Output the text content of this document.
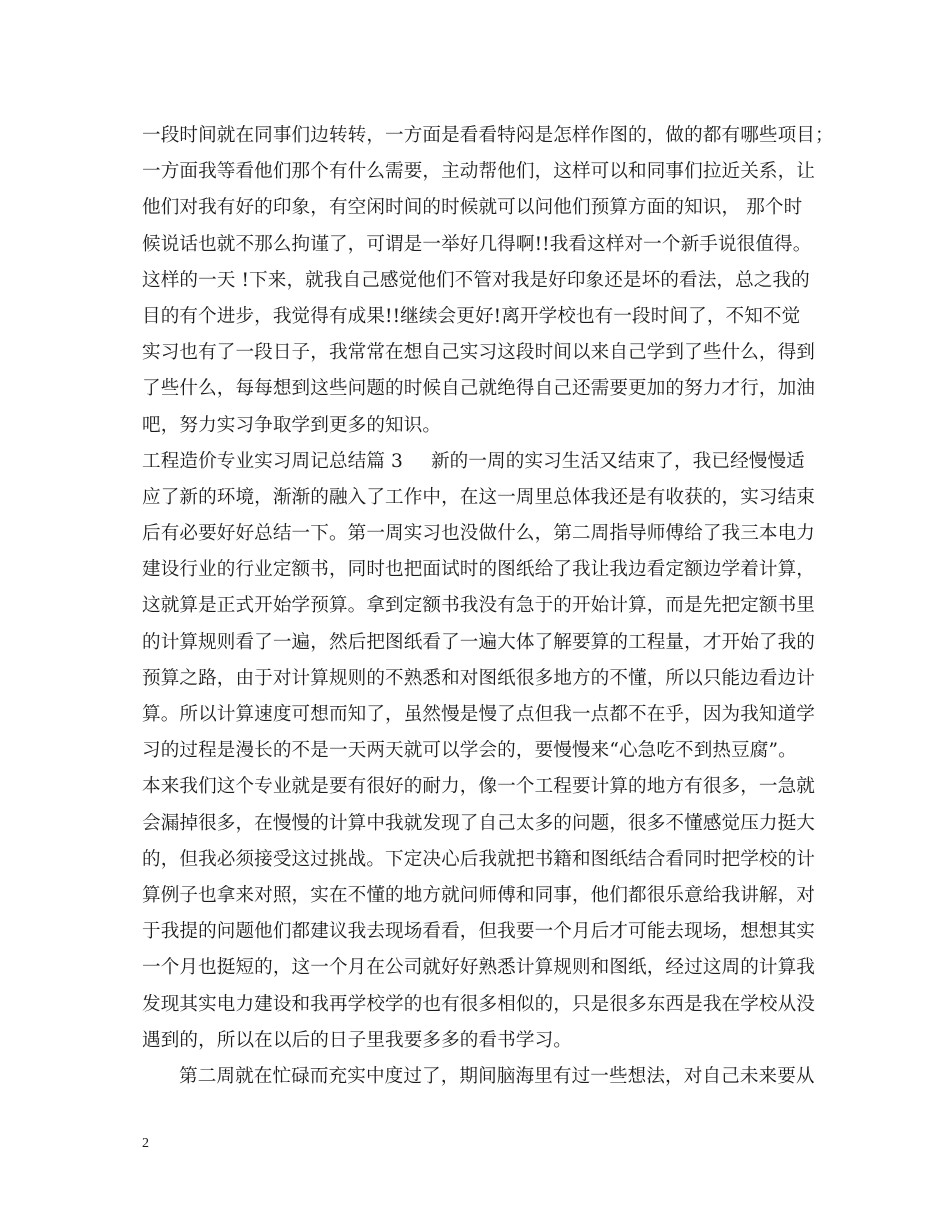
一段时间就在同事们边转转，一方面是看看特闷是怎样作图的，做的都有哪些项目；
一方面我等看他们那个有什么需要，主动帮他们，这样可以和同事们拉近关系，让
他们对我有好的印象，有空闲时间的时候就可以问他们预算方面的知识， 那个时
候说话也就不那么拘谨了，可谓是一举好几得啊!!我看这样对一个新手说很值得。
这样的一天 !下来，就我自己感觉他们不管对我是好印象还是坏的看法，总之我的
目的有个进步，我觉得有成果!!继续会更好!离开学校也有一段时间了，不知不觉
实习也有了一段日子，我常常在想自己实习这段时间以来自己学到了些什么，得到
了些什么，每每想到这些问题的时候自己就绝得自己还需要更加的努力才行，加油
吧，努力实习争取学到更多的知识。
工程造价专业实习周记总结篇 3 新的一周的实习生活又结束了，我已经慢慢适
应了新的环境，渐渐的融入了工作中，在这一周里总体我还是有收获的，实习结束
后有必要好好总结一下。第一周实习也没做什么，第二周指导师傅给了我三本电力
建设行业的行业定额书，同时也把面试时的图纸给了我让我边看定额边学着计算，
这就算是正式开始学预算。拿到定额书我没有急于的开始计算，而是先把定额书里
的计算规则看了一遍，然后把图纸看了一遍大体了解要算的工程量，才开始了我的
预算之路，由于对计算规则的不熟悉和对图纸很多地方的不懂，所以只能边看边计
算。所以计算速度可想而知了，虽然慢是慢了点但我一点都不在乎，因为我知道学
习的过程是漫长的不是一天两天就可以学会的，要慢慢来“心急吃不到热豆腐”。
本来我们这个专业就是要有很好的耐力，像一个工程要计算的地方有很多，一急就
会漏掉很多，在慢慢的计算中我就发现了自己太多的问题，很多不懂感觉压力挺大
的，但我必须接受这过挑战。下定决心后我就把书籍和图纸结合看同时把学校的计
算例子也拿来对照，实在不懂的地方就问师傅和同事，他们都很乐意给我讲解，对
于我提的问题他们都建议我去现场看看，但我要一个月后才可能去现场，想想其实
一个月也挺短的，这一个月在公司就好好熟悉计算规则和图纸，经过这周的计算我
发现其实电力建设和我再学校学的也有很多相似的，只是很多东西是我在学校从没
遇到的，所以在以后的日子里我要多多的看书学习。
第二周就在忙碌而充实中度过了，期间脑海里有过一些想法，对自己未来要从
2
